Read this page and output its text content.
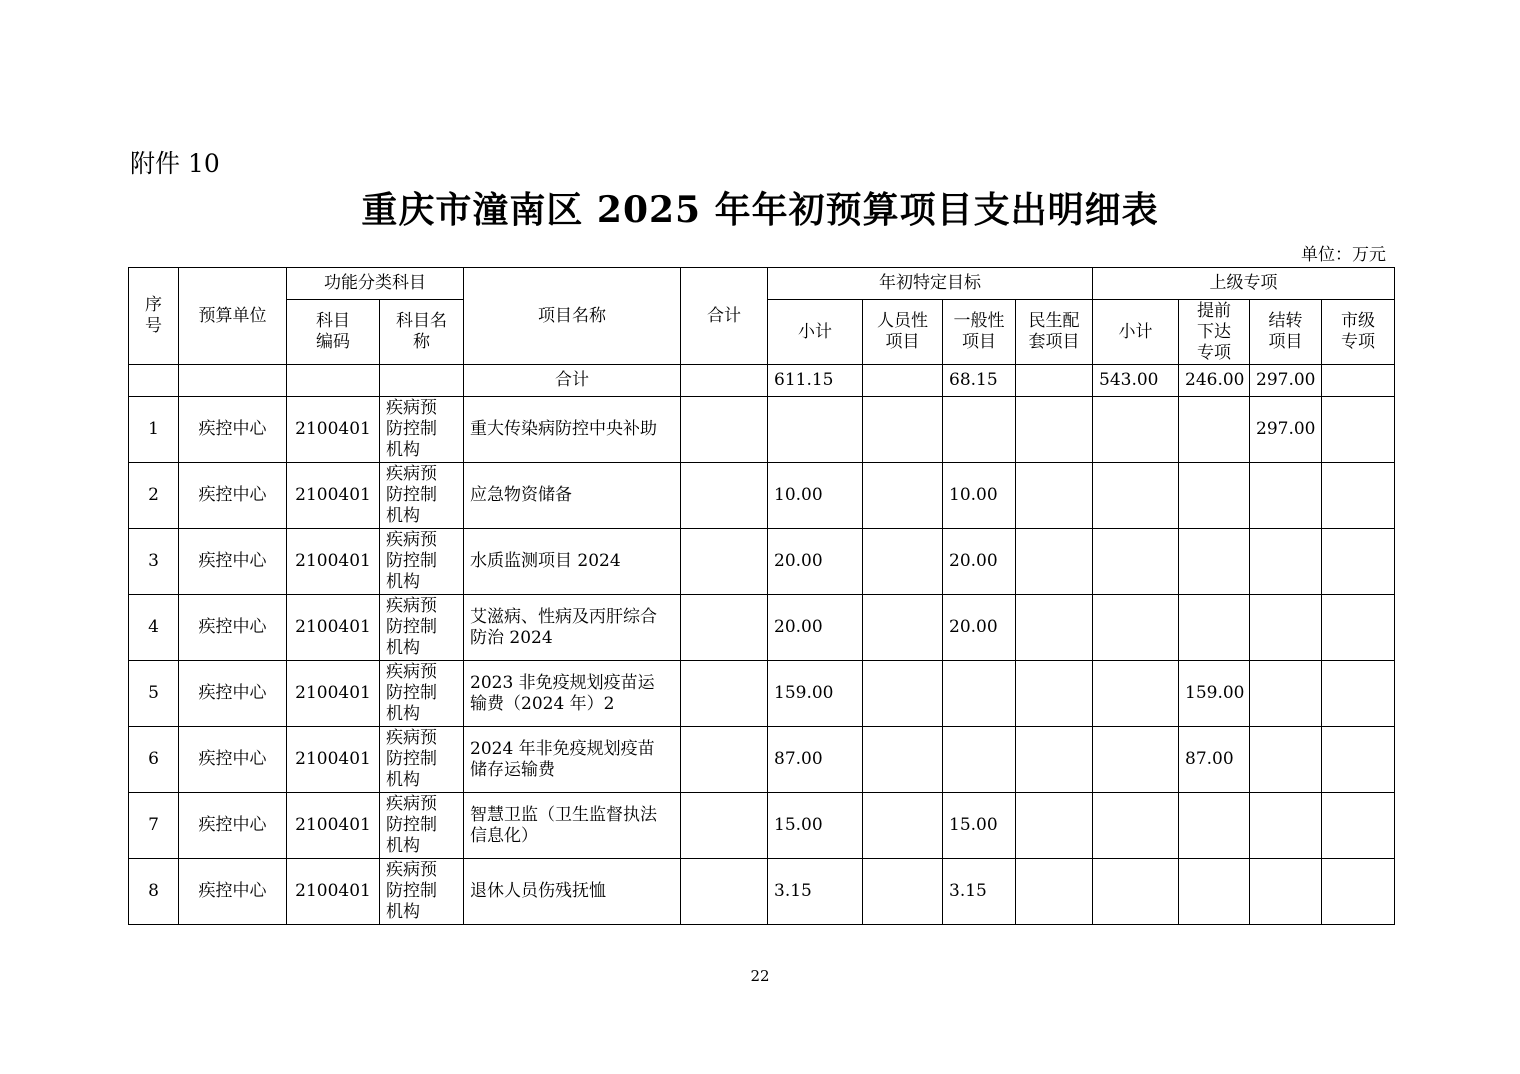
附件 10
重庆市潼南区 2025 年年初预算项目支出明细表
单位：万元
序号	预算单位	功能分类科目		项目名称	合计	年初特定目标				上级专项			
		科目编码	科目名称			小计	人员性项目	一般性项目	民生配套项目	小计	提前下达专项	结转项目	市级专项
				合计		611.15		68.15		543.00	246.00	297.00	
1	疾控中心	2100401	疾病预防控制机构	重大传染病防控中央补助								297.00	
2	疾控中心	2100401	疾病预防控制机构	应急物资储备		10.00		10.00					
3	疾控中心	2100401	疾病预防控制机构	水质监测项目 2024		20.00		20.00					
4	疾控中心	2100401	疾病预防控制机构	艾滋病、性病及丙肝综合防治 2024		20.00		20.00					
5	疾控中心	2100401	疾病预防控制机构	2023 非免疫规划疫苗运输费（2024 年）2		159.00					159.00		
6	疾控中心	2100401	疾病预防控制机构	2024 年非免疫规划疫苗储存运输费		87.00					87.00		
7	疾控中心	2100401	疾病预防控制机构	智慧卫监（卫生监督执法信息化）		15.00		15.00					
8	疾控中心	2100401	疾病预防控制机构	退休人员伤残抚恤		3.15		3.15					
22
